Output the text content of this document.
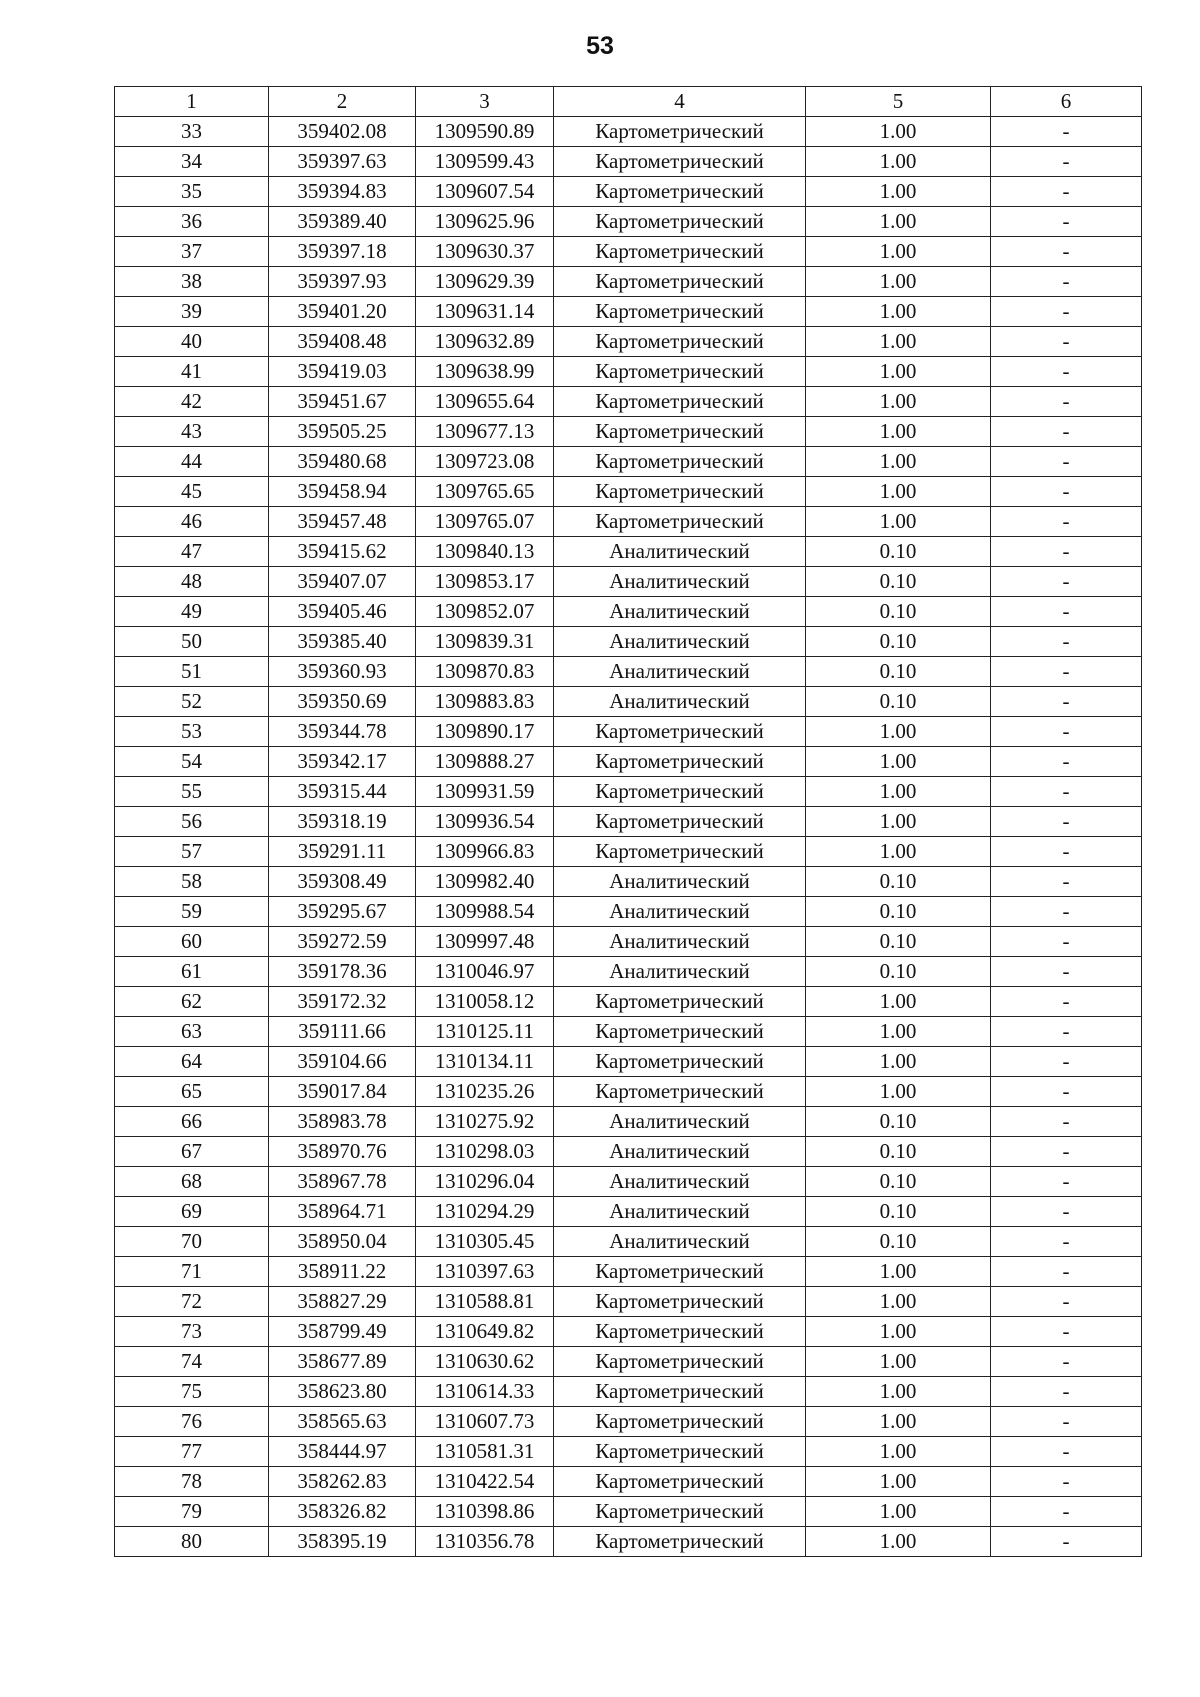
53
1	2	3	4	5	6
33	359402.08	1309590.89	Картометрический	1.00	-
34	359397.63	1309599.43	Картометрический	1.00	-
35	359394.83	1309607.54	Картометрический	1.00	-
36	359389.40	1309625.96	Картометрический	1.00	-
37	359397.18	1309630.37	Картометрический	1.00	-
38	359397.93	1309629.39	Картометрический	1.00	-
39	359401.20	1309631.14	Картометрический	1.00	-
40	359408.48	1309632.89	Картометрический	1.00	-
41	359419.03	1309638.99	Картометрический	1.00	-
42	359451.67	1309655.64	Картометрический	1.00	-
43	359505.25	1309677.13	Картометрический	1.00	-
44	359480.68	1309723.08	Картометрический	1.00	-
45	359458.94	1309765.65	Картометрический	1.00	-
46	359457.48	1309765.07	Картометрический	1.00	-
47	359415.62	1309840.13	Аналитический	0.10	-
48	359407.07	1309853.17	Аналитический	0.10	-
49	359405.46	1309852.07	Аналитический	0.10	-
50	359385.40	1309839.31	Аналитический	0.10	-
51	359360.93	1309870.83	Аналитический	0.10	-
52	359350.69	1309883.83	Аналитический	0.10	-
53	359344.78	1309890.17	Картометрический	1.00	-
54	359342.17	1309888.27	Картометрический	1.00	-
55	359315.44	1309931.59	Картометрический	1.00	-
56	359318.19	1309936.54	Картометрический	1.00	-
57	359291.11	1309966.83	Картометрический	1.00	-
58	359308.49	1309982.40	Аналитический	0.10	-
59	359295.67	1309988.54	Аналитический	0.10	-
60	359272.59	1309997.48	Аналитический	0.10	-
61	359178.36	1310046.97	Аналитический	0.10	-
62	359172.32	1310058.12	Картометрический	1.00	-
63	359111.66	1310125.11	Картометрический	1.00	-
64	359104.66	1310134.11	Картометрический	1.00	-
65	359017.84	1310235.26	Картометрический	1.00	-
66	358983.78	1310275.92	Аналитический	0.10	-
67	358970.76	1310298.03	Аналитический	0.10	-
68	358967.78	1310296.04	Аналитический	0.10	-
69	358964.71	1310294.29	Аналитический	0.10	-
70	358950.04	1310305.45	Аналитический	0.10	-
71	358911.22	1310397.63	Картометрический	1.00	-
72	358827.29	1310588.81	Картометрический	1.00	-
73	358799.49	1310649.82	Картометрический	1.00	-
74	358677.89	1310630.62	Картометрический	1.00	-
75	358623.80	1310614.33	Картометрический	1.00	-
76	358565.63	1310607.73	Картометрический	1.00	-
77	358444.97	1310581.31	Картометрический	1.00	-
78	358262.83	1310422.54	Картометрический	1.00	-
79	358326.82	1310398.86	Картометрический	1.00	-
80	358395.19	1310356.78	Картометрический	1.00	-
